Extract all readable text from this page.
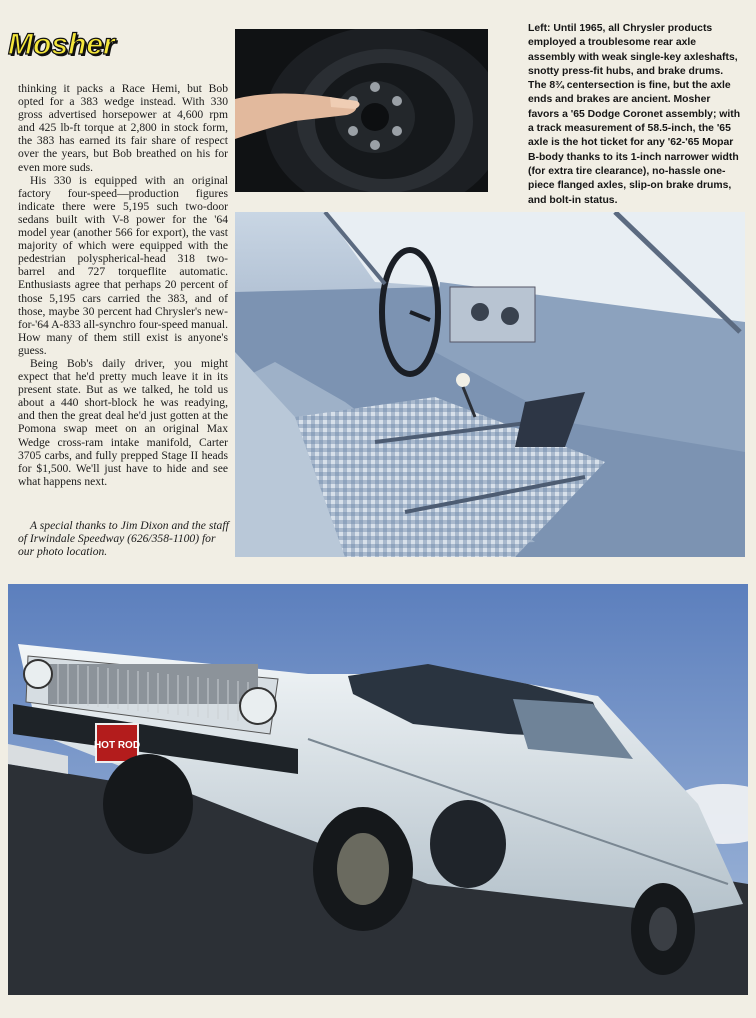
Mosher

thinking it packs a Race Hemi, but Bob opted for a 383 wedge instead. With 330 gross advertised horsepower at 4,600 rpm and 425 lb-ft torque at 2,800 in stock form, the 383 has earned its fair share of respect over the years, but Bob breathed on his for even more suds.

His 330 is equipped with an original factory four-speed—production figures indicate there were 5,195 such two-door sedans built with V-8 power for the '64 model year (another 566 for export), the vast majority of which were equipped with the pedestrian polyspherical-head 318 two-barrel and 727 torqueflite automatic. Enthusiasts agree that perhaps 20 percent of those 5,195 cars carried the 383, and of those, maybe 30 percent had Chrysler's new-for-'64 A-833 all-synchro four-speed manual. How many of them still exist is anyone's guess.

Being Bob's daily driver, you might expect that he'd pretty much leave it in its present state. But as we talked, he told us about a 440 short-block he was readying, and then the great deal he'd just gotten at the Pomona swap meet on an original Max Wedge cross-ram intake manifold, Carter 3705 carbs, and fully prepped Stage II heads for $1,500. We'll just have to hide and see what happens next.

A special thanks to Jim Dixon and the staff of Irwindale Speedway (626/358-1100) for our photo location.
Left: Until 1965, all Chrysler products employed a troublesome rear axle assembly with weak single-key axleshafts, snotty press-fit hubs, and brake drums. The 8¾ centersection is fine, but the axle ends and brakes are ancient. Mosher favors a '65 Dodge Coronet assembly; with a track measurement of 58.5-inch, the '65 axle is the hot ticket for any '62-'65 Mopar B-body thanks to its 1-inch narrower width (for extra tire clearance), no-hassle one-piece flanged axles, slip-on brake drums, and bolt-in status.
HOT ROD
